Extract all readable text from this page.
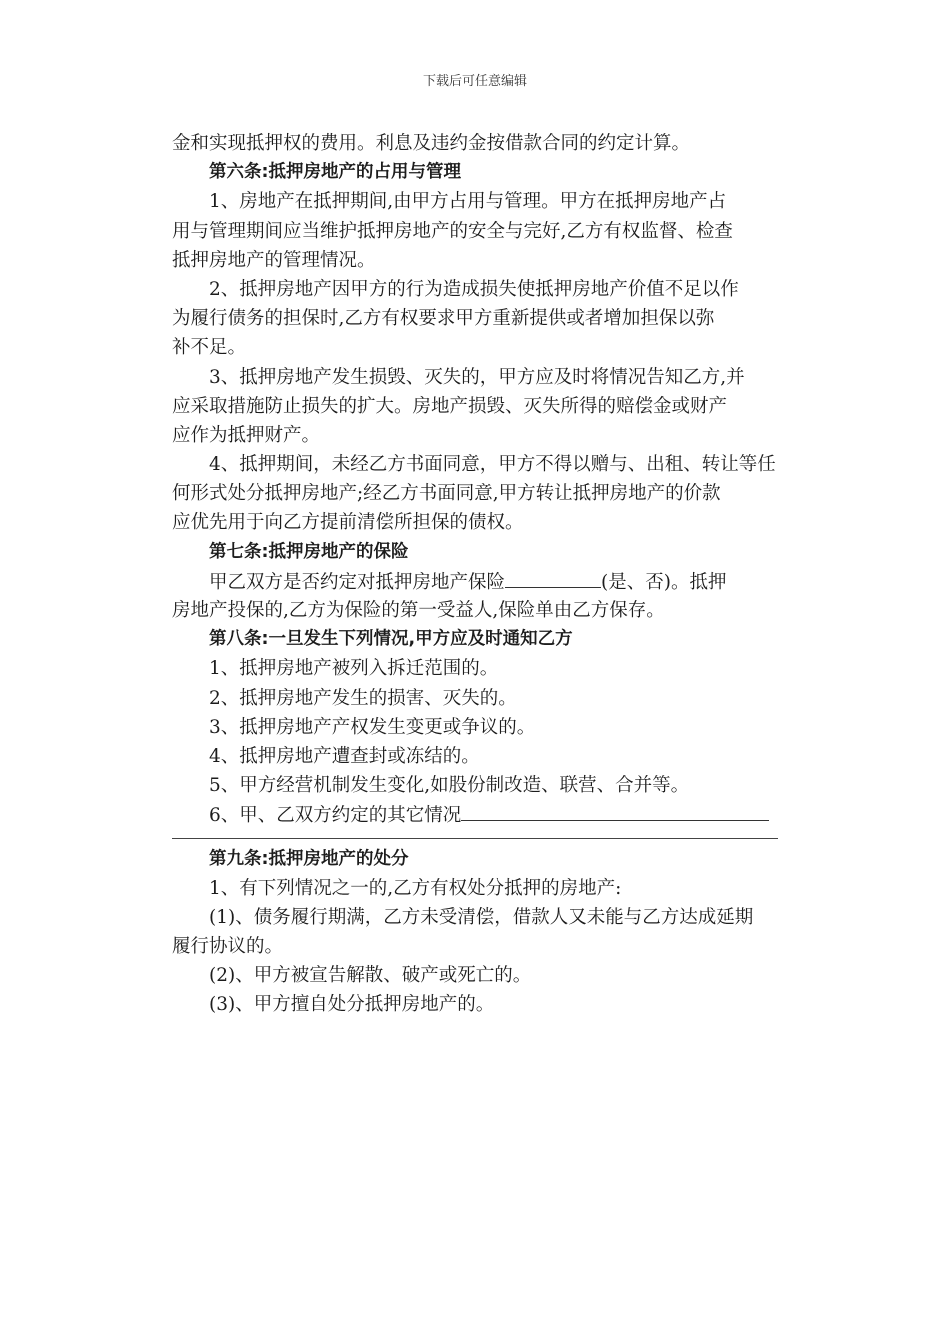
下载后可任意编辑
金和实现抵押权的费用。利息及违约金按借款合同的约定计算。
第六条:抵押房地产的占用与管理
1、房地产在抵押期间,由甲方占用与管理。甲方在抵押房地产占
用与管理期间应当维护抵押房地产的安全与完好,乙方有权监督、检查
抵押房地产的管理情况。
2、抵押房地产因甲方的行为造成损失使抵押房地产价值不足以作
为履行债务的担保时,乙方有权要求甲方重新提供或者增加担保以弥
补不足。
3、抵押房地产发生损毁、灭失的，甲方应及时将情况告知乙方,并
应采取措施防止损失的扩大。房地产损毁、灭失所得的赔偿金或财产
应作为抵押财产。
4、抵押期间，未经乙方书面同意，甲方不得以赠与、出租、转让等任
何形式处分抵押房地产;经乙方书面同意,甲方转让抵押房地产的价款
应优先用于向乙方提前清偿所担保的债权。
第七条:抵押房地产的保险
甲乙双方是否约定对抵押房地产保险	(是、否)。抵押
房地产投保的,乙方为保险的第一受益人,保险单由乙方保存。
第八条:一旦发生下列情况,甲方应及时通知乙方
1、抵押房地产被列入拆迁范围的。
2、抵押房地产发生的损害、灭失的。
3、抵押房地产产权发生变更或争议的。
4、抵押房地产遭查封或冻结的。
5、甲方经营机制发生变化,如股份制改造、联营、合并等。
6、甲、乙双方约定的其它情况
第九条:抵押房地产的处分
1、有下列情况之一的,乙方有权处分抵押的房地产:
(1)、债务履行期满，乙方未受清偿，借款人又未能与乙方达成延期
履行协议的。
(2)、甲方被宣告解散、破产或死亡的。
(3)、甲方擅自处分抵押房地产的。
